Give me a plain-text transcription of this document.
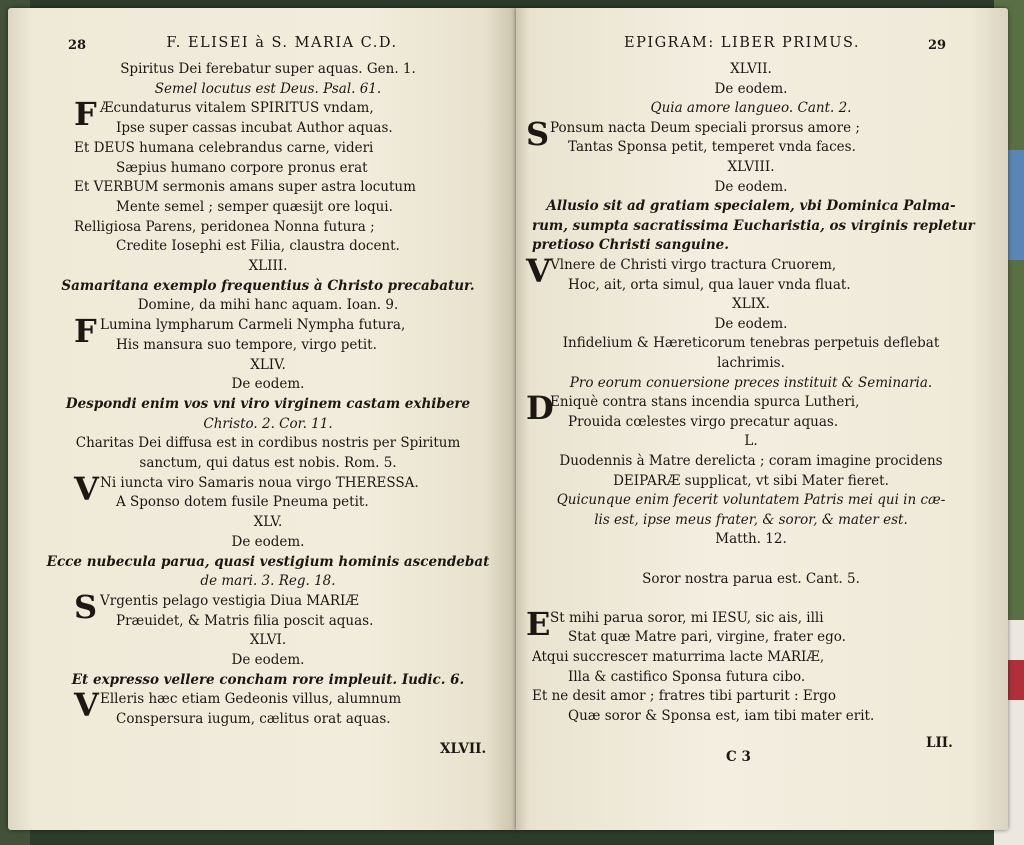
28	F. ELISEI à S. MARIA C.D.
Spiritus Dei ferebatur super aquas. Gen. 1.
Semel locutus est Deus. Psal. 61.
F Æcundaturus vitalem SPIRITUS vndam,
Ipse super cassas incubat Author aquas.
Et DEUS humana celebrandus carne, videri
Sæpius humano corpore pronus erat
Et VERBUM sermonis amans super astra locutum
Mente semel ; semper quæsijt ore loqui.
Relligiosa Parens, peridonea Nonna futura ;
Credite Iosephi est Filia, claustra docent.
XLIII.
Samaritana exemplo frequentius à Christo precabatur.
Domine, da mihi hanc aquam. Ioan. 9.
F Lumina lympharum Carmeli Nympha futura,
His mansura suo tempore, virgo petit.
XLIV.
De eodem.
Despondi enim vos vni viro virginem castam exhibere
Christo. 2. Cor. 11.
Charitas Dei diffusa est in cordibus nostris per Spiritum
sanctum, qui datus est nobis. Rom. 5.
V Ni iuncta viro Samaris noua virgo THERESSA.
A Sponso dotem fusile Pneuma petit.
XLV.
De eodem.
Ecce nubecula parua, quasi vestigium hominis ascendebat
de mari. 3. Reg. 18.
S Vrgentis pelago vestigia Diua MARIÆ
Præuidet, & Matris filia poscit aquas.
XLVI.
De eodem.
Et expresso vellere concham rore impleuit. Iudic. 6.
V Elleris hæc etiam Gedeonis villus, alumnum
Conspersura iugum, cælitus orat aquas.
XLVII.
EPIGRAM: LIBER PRIMUS.	29
XLVII.
De eodem.
Quia amore langueo. Cant. 2.
S Ponsum nacta Deum speciali prorsus amore ;
Tantas Sponsa petit, temperet vnda faces.
XLVIII.
De eodem.
Allusio sit ad gratiam specialem, vbi Dominica Palma-
rum, sumpta sacratissima Eucharistia, os virginis repletur
pretioso Christi sanguine.
V Vlnere de Christi virgo tractura Cruorem,
Hoc, ait, orta simul, qua lauer vnda fluat.
XLIX.
De eodem.
Infidelium & Hæreticorum tenebras perpetuis deflebat
lachrimis.
Pro eorum conuersione preces instituit & Seminaria.
D
Eniquè contra stans incendia spurca Lutheri,
Prouida cœlestes virgo precatur aquas.
L.
Duodennis à Matre derelicta ; coram imagine procidens
DEIPARÆ supplicat, vt sibi Mater fieret.
Quicunque enim fecerit voluntatem Patris mei qui in cæ-
lis est, ipse meus frater, & soror, & mater est.
Matth. 12.
Soror nostra parua est. Cant. 5.
E St mihi parua soror, mi IESU, sic ais, illi
Stat quæ Matre pari, virgine, frater ego.
Atqui succresceт maturrima lacte MARIÆ,
Illa & castifico Sponsa futura cibo.
Et ne desit amor ; fratres tibi parturit : Ergo
Quæ soror & Sponsa est, iam tibi mater erit.
C 3
LII.
